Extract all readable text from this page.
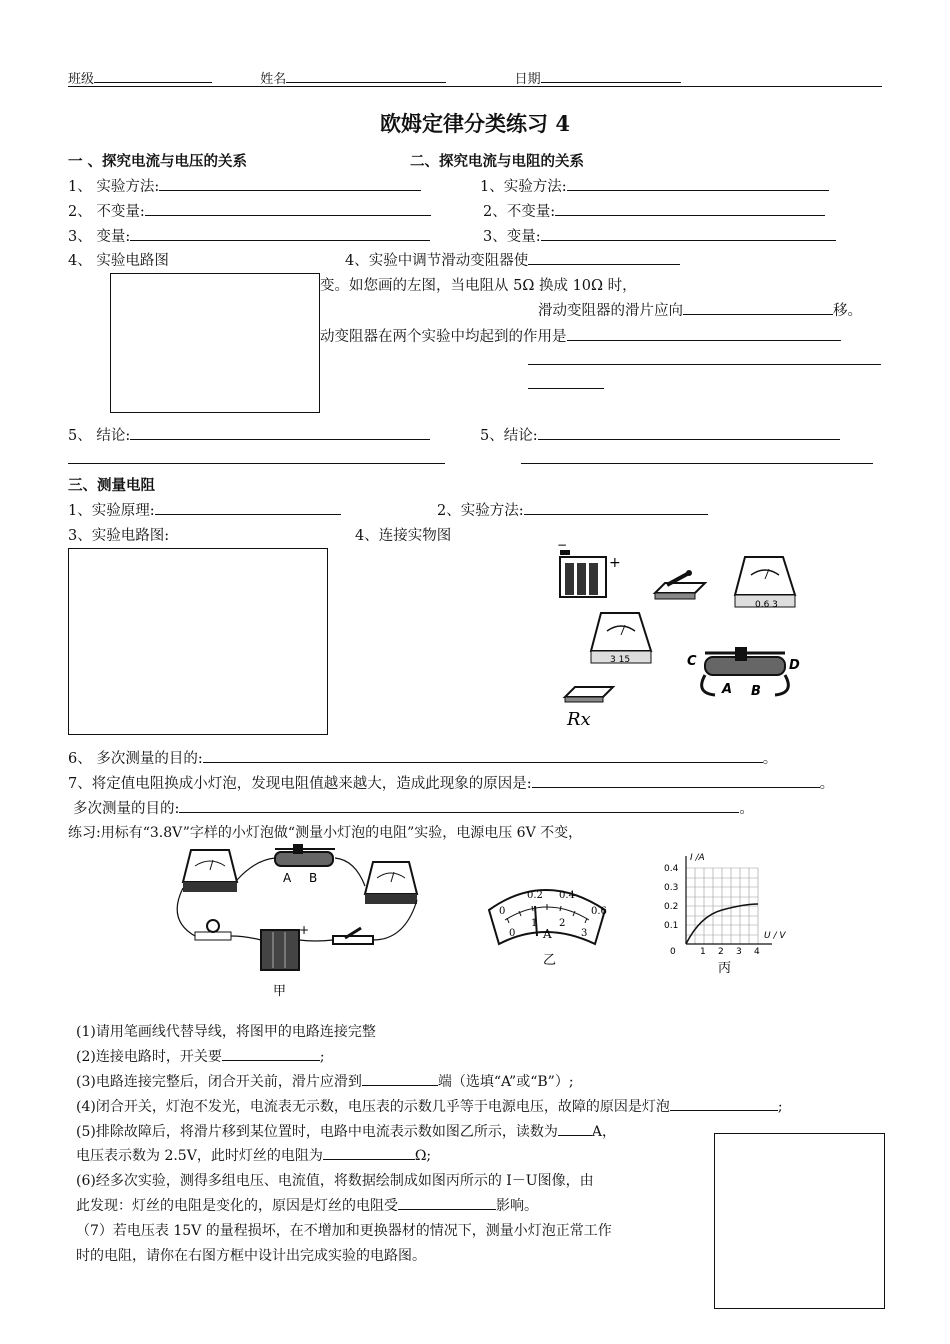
班级	姓名	日期
欧姆定律分类练习 4
一 、探究电流与电压的关系	二、探究电流与电阻的关系
1、 实验方法:	1、实验方法:
2、 不变量:	2、不变量:
3、 变量:	3、变量:
4、 实验电路图	4、实验中调节滑动变阻器使
变。如您画的左图，当电阻从 5Ω 换成 10Ω 时，
滑动变阻器的滑片应向	移。
动变阻器在两个实验中均起到的作用是
5、 结论:	5、结论:
三、测量电阻
1、实验原理:	2、实验方法:
3、实验电路图:	4、连接实物图
+
−
0.6 3
3 15	C	D
A B
Rx
6、 多次测量的目的:	。
7、将定值电阻换成小灯泡，发现电阻值越来越大，造成此现象的原因是:	。
多次测量的目的:	。
练习:用标有“3.8V”字样的小灯泡做“测量小灯泡的电阻”实验，电源电压 6V 不变，
A B
+
甲
0
0.2 0.4
0.6
0
1 2
3
A
乙
I /A
U / V
0.4
0.3
0.2
0.1
0	1 2 3 4
丙
(1)请用笔画线代替导线，将图甲的电路连接完整
(2)连接电路时，开关要	;
(3)电路连接完整后，闭合开关前，滑片应滑到	端（选填“A”或“B”）;
(4)闭合开关，灯泡不发光，电流表无示数，电压表的示数几乎等于电源电压，故障的原因是灯泡	;
(5)排除故障后，将滑片移到某位置时，电路中电流表示数如图乙所示，读数为 A，
电压表示数为 2.5V，此时灯丝的电阻为	Ω;
(6)经多次实验，测得多组电压、电流值，将数据绘制成如图丙所示的 I－U图像，由
此发现：灯丝的电阻是变化的，原因是灯丝的电阻受	影响。
（7）若电压表 15V 的量程损坏，在不增加和更换器材的情况下，测量小灯泡正常工作
时的电阻，请你在右图方框中设计出完成实验的电路图。
